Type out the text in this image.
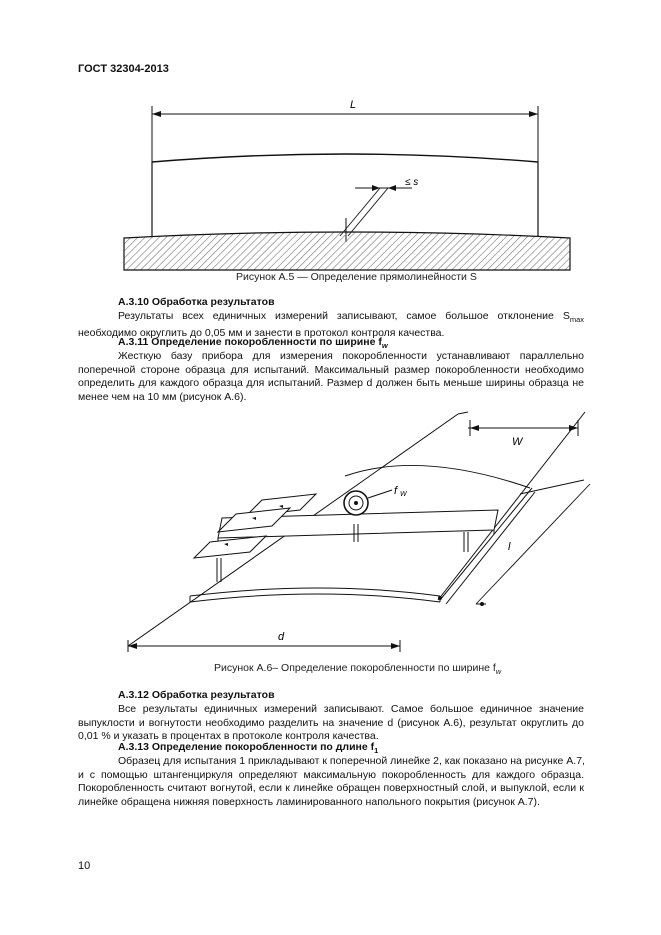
ГОСТ 32304-2013
L
≤ s
Рисунок А.5 — Определение прямолинейности S
А.3.10 Обработка результатов
Результаты всех единичных измерений записывают, самое большое отклонение $S_{max}$
необходимо округлить до 0,05 мм и занести в протокол контроля качества.
А.3.11 Определение покоробленности по ширине $f_w$
Жесткую базу прибора для измерения покоробленности устанавливают параллельно
поперечной стороне образца для испытаний. Максимальный размер покоробленности необходимо
определить для каждого образца для испытаний. Размер d должен быть меньше ширины образца не
менее чем на 10 мм (рисунок А.6).
W
f W
l
d
Рисунок А.6– Определение покоробленности по ширине $f_w$
А.3.12 Обработка результатов
Все результаты единичных измерений записывают. Самое большое единичное значение
выпуклости и вогнутости необходимо разделить на значение d (рисунок А.6), результат округлить до
0,01 % и указать в процентах в протоколе контроля качества.
А.3.13 Определение покоробленности по длине $f_1$
Образец для испытания 1 прикладывают к поперечной линейке 2, как показано на рисунке А.7,
и с помощью штангенциркуля определяют максимальную покоробленность для каждого образца.
Покоробленность считают вогнутой, если к линейке обращен поверхностный слой, и выпуклой, если к
линейке обращена нижняя поверхность ламинированного напольного покрытия (рисунок А.7).
10
